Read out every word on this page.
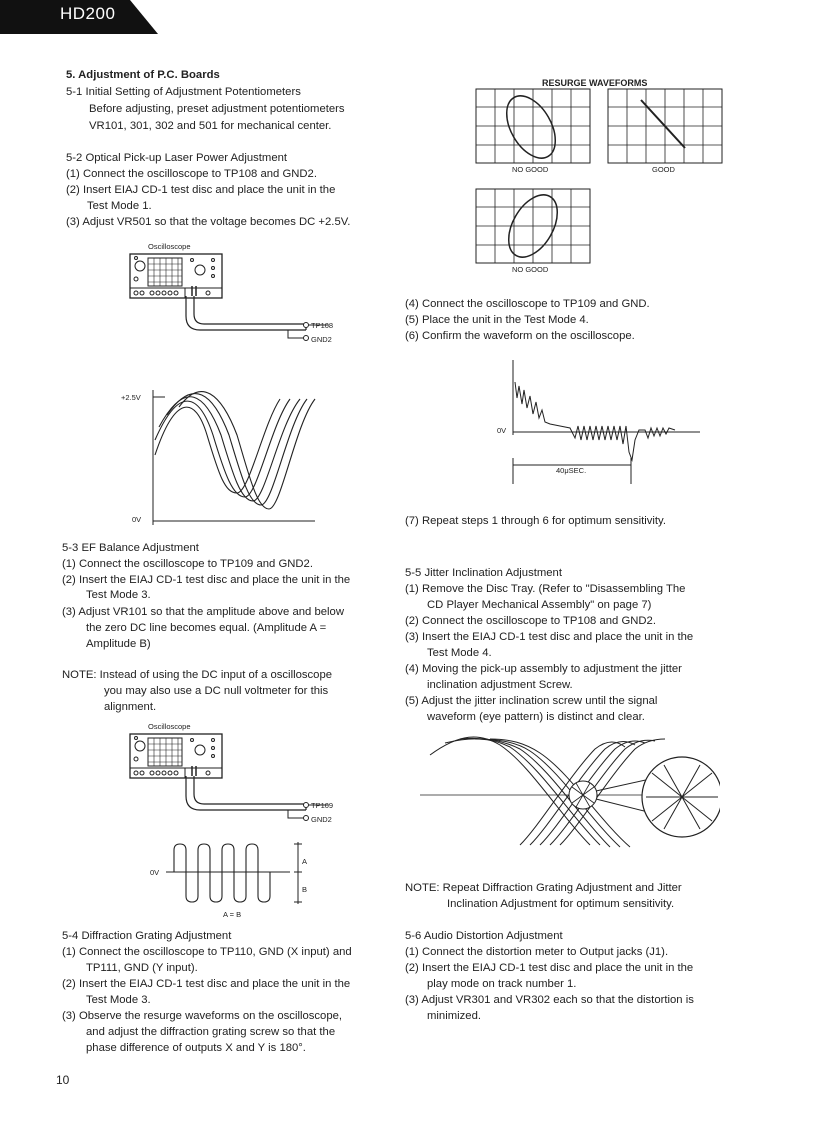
HD200
5. Adjustment of P.C. Boards
5-1 Initial Setting of Adjustment Potentiometers
Before adjusting, preset adjustment potentiometers
VR101, 301, 302 and 501 for mechanical center.
5-2 Optical Pick-up Laser Power Adjustment
(1) Connect the oscilloscope to TP108 and GND2.
(2) Insert EIAJ CD-1 test disc and place the unit in the
Test Mode 1.
(3) Adjust VR501 so that the voltage becomes DC +2.5V.
Oscilloscope
TP108
GND2
+2.5V
0V
5-3 EF Balance Adjustment
(1) Connect the oscilloscope to TP109 and GND2.
(2) Insert the EIAJ CD-1 test disc and place the unit in the
Test Mode 3.
(3) Adjust VR101 so that the amplitude above and below
the zero DC line becomes equal. (Amplitude A =
Amplitude B)
NOTE: Instead of using the DC input of a oscilloscope
you may also use a DC null voltmeter for this
alignment.
Oscilloscope
TP109
GND2
0V
A
B
A = B
5-4 Diffraction Grating Adjustment
(1) Connect the oscilloscope to TP110, GND (X input) and
TP111, GND (Y input).
(2) Insert the EIAJ CD-1 test disc and place the unit in the
Test Mode 3.
(3) Observe the resurge waveforms on the oscilloscope,
and adjust the diffraction grating screw so that the
phase difference of outputs X and Y is 180°.
10
RESURGE WAVEFORMS
NO GOOD	GOOD
NO GOOD
(4) Connect the oscilloscope to TP109 and GND.
(5) Place the unit in the Test Mode 4.
(6) Confirm the waveform on the oscilloscope.
0V
40μSEC.
(7) Repeat steps 1 through 6 for optimum sensitivity.
5-5 Jitter Inclination Adjustment
(1) Remove the Disc Tray. (Refer to "Disassembling The
CD Player Mechanical Assembly" on page 7)
(2) Connect the oscilloscope to TP108 and GND2.
(3) Insert the EIAJ CD-1 test disc and place the unit in the
Test Mode 4.
(4) Moving the pick-up assembly to adjustment the jitter
inclination adjustment Screw.
(5) Adjust the jitter inclination screw until the signal
waveform (eye pattern) is distinct and clear.
NOTE: Repeat Diffraction Grating Adjustment and Jitter
Inclination Adjustment for optimum sensitivity.
5-6 Audio Distortion Adjustment
(1) Connect the distortion meter to Output jacks (J1).
(2) Insert the EIAJ CD-1 test disc and place the unit in the
play mode on track number 1.
(3) Adjust VR301 and VR302 each so that the distortion is
minimized.
